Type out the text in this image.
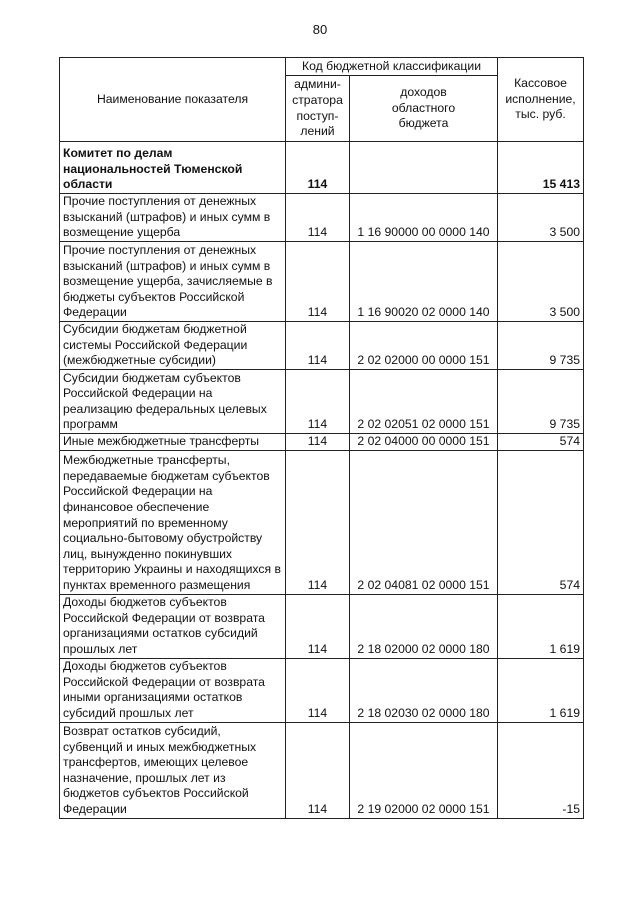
80
Наименование показателя	Код бюджетной классификации		Кассовое
исполнение,
тыс. руб.
	админи-
стратора
поступ-
лений	доходов
областного
бюджета	
Комитет по делам национальностей Тюменской области	114		15 413
Прочие поступления от денежных взысканий (штрафов) и иных сумм в возмещение ущерба	114	1 16 90000 00 0000 140	3 500
Прочие поступления от денежных взысканий (штрафов) и иных сумм в возмещение ущерба, зачисляемые в бюджеты субъектов Российской Федерации	114	1 16 90020 02 0000 140	3 500
Субсидии бюджетам бюджетной системы Российской Федерации (межбюджетные субсидии)	114	2 02 02000 00 0000 151	9 735
Субсидии бюджетам субъектов Российской Федерации на реализацию федеральных целевых программ	114	2 02 02051 02 0000 151	9 735
Иные межбюджетные трансферты	114	2 02 04000 00 0000 151	574
Межбюджетные трансферты, передаваемые бюджетам субъектов Российской Федерации на финансовое обеспечение мероприятий по временному социально-бытовому обустройству лиц, вынужденно покинувших территорию Украины и находящихся в пунктах временного размещения	114	2 02 04081 02 0000 151	574
Доходы бюджетов субъектов Российской Федерации от возврата организациями остатков субсидий прошлых лет	114	2 18 02000 02 0000 180	1 619
Доходы бюджетов субъектов Российской Федерации от возврата иными организациями остатков субсидий прошлых лет	114	2 18 02030 02 0000 180	1 619
Возврат остатков субсидий, субвенций и иных межбюджетных трансфертов, имеющих целевое назначение, прошлых лет из бюджетов субъектов Российской Федерации	114	2 19 02000 02 0000 151	-15
